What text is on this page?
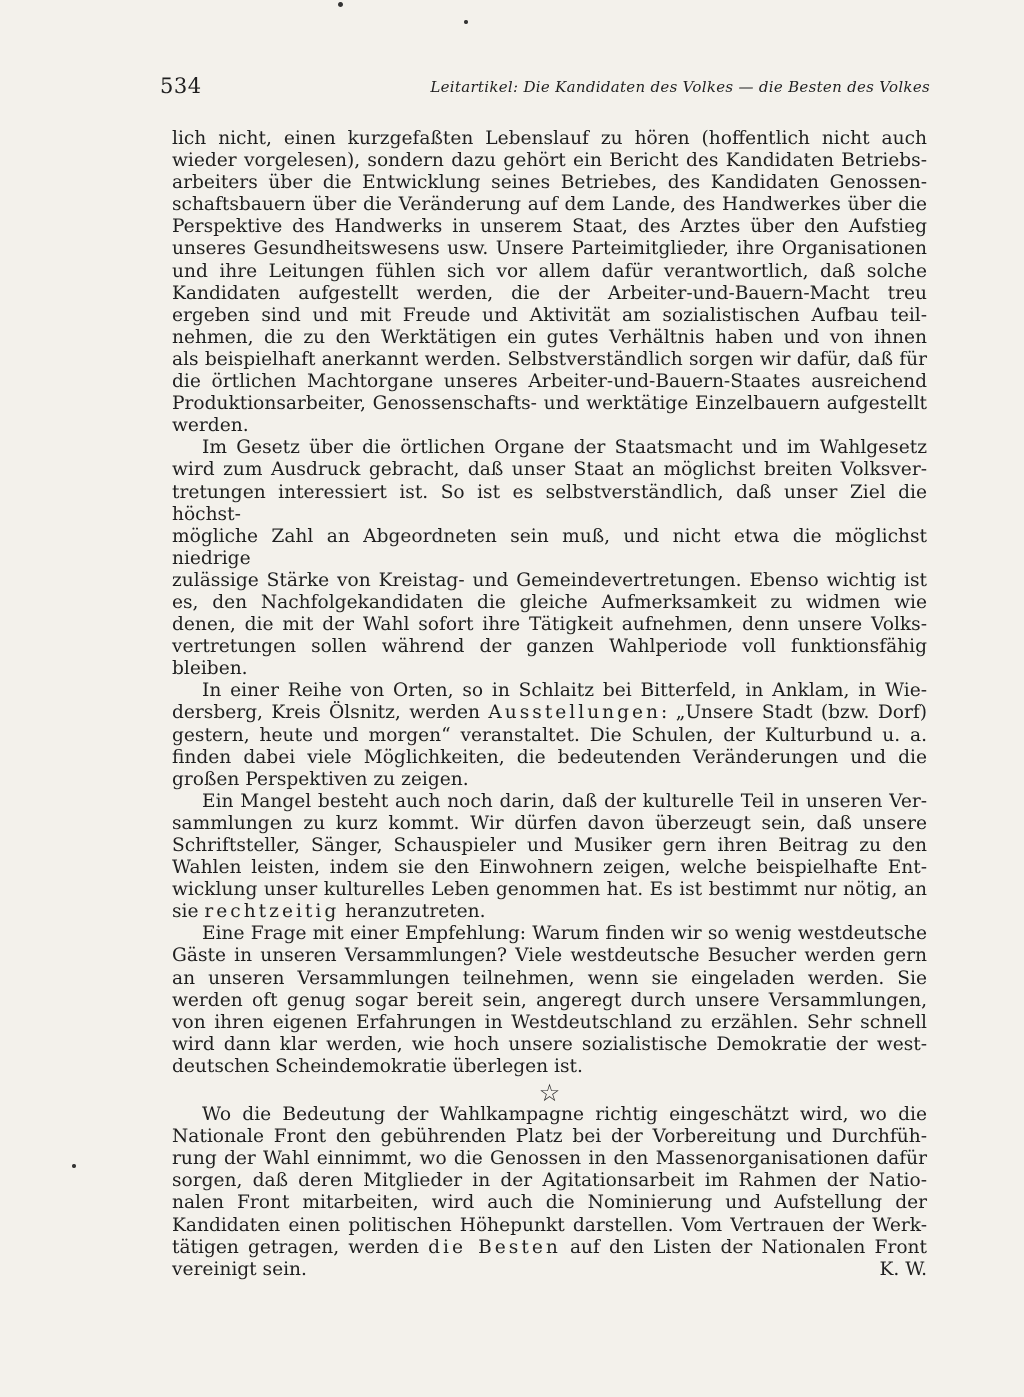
534	Leitartikel: Die Kandidaten des Volkes — die Besten des Volkes

lich nicht, einen kurzgefaßten Lebenslauf zu hören (hoffentlich nicht auch

wieder vorgelesen), sondern dazu gehört ein Bericht des Kandidaten Betriebs-

arbeiters über die Entwicklung seines Betriebes, des Kandidaten Genossen-

schaftsbauern über die Veränderung auf dem Lande, des Handwerkes über die

Perspektive des Handwerks in unserem Staat, des Arztes über den Aufstieg

unseres Gesundheitswesens usw. Unsere Parteimitglieder, ihre Organisationen

und ihre Leitungen fühlen sich vor allem dafür verantwortlich, daß solche

Kandidaten aufgestellt werden, die der Arbeiter-und-Bauern-Macht treu

ergeben sind und mit Freude und Aktivität am sozialistischen Aufbau teil-

nehmen, die zu den Werktätigen ein gutes Verhältnis haben und von ihnen

als beispielhaft anerkannt werden. Selbstverständlich sorgen wir dafür, daß für

die örtlichen Machtorgane unseres Arbeiter-und-Bauern-Staates ausreichend

Produktionsarbeiter, Genossenschafts- und werktätige Einzelbauern aufgestellt

werden.

Im Gesetz über die örtlichen Organe der Staatsmacht und im Wahlgesetz

wird zum Ausdruck gebracht, daß unser Staat an möglichst breiten Volksver-

tretungen interessiert ist. So ist es selbstverständlich, daß unser Ziel die höchst-

mögliche Zahl an Abgeordneten sein muß, und nicht etwa die möglichst niedrige

zulässige Stärke von Kreistag- und Gemeindevertretungen. Ebenso wichtig ist

es, den Nachfolgekandidaten die gleiche Aufmerksamkeit zu widmen wie

denen, die mit der Wahl sofort ihre Tätigkeit aufnehmen, denn unsere Volks-

vertretungen sollen während der ganzen Wahlperiode voll funktionsfähig

bleiben.

In einer Reihe von Orten, so in Schlaitz bei Bitterfeld, in Anklam, in Wie-

dersberg, Kreis Ölsnitz, werden Ausstellungen: „Unsere Stadt (bzw. Dorf)

gestern, heute und morgen“ veranstaltet. Die Schulen, der Kulturbund u. a.

finden dabei viele Möglichkeiten, die bedeutenden Veränderungen und die

großen Perspektiven zu zeigen.

Ein Mangel besteht auch noch darin, daß der kulturelle Teil in unseren Ver-

sammlungen zu kurz kommt. Wir dürfen davon überzeugt sein, daß unsere

Schriftsteller, Sänger, Schauspieler und Musiker gern ihren Beitrag zu den

Wahlen leisten, indem sie den Einwohnern zeigen, welche beispielhafte Ent-

wicklung unser kulturelles Leben genommen hat. Es ist bestimmt nur nötig, an

sie rechtzeitig heranzutreten.

Eine Frage mit einer Empfehlung: Warum finden wir so wenig westdeutsche

Gäste in unseren Versammlungen? Viele westdeutsche Besucher werden gern

an unseren Versammlungen teilnehmen, wenn sie eingeladen werden. Sie

werden oft genug sogar bereit sein, angeregt durch unsere Versammlungen,

von ihren eigenen Erfahrungen in Westdeutschland zu erzählen. Sehr schnell

wird dann klar werden, wie hoch unsere sozialistische Demokratie der west-

deutschen Scheindemokratie überlegen ist.

☆

Wo die Bedeutung der Wahlkampagne richtig eingeschätzt wird, wo die

Nationale Front den gebührenden Platz bei der Vorbereitung und Durchfüh-

rung der Wahl einnimmt, wo die Genossen in den Massenorganisationen dafür

sorgen, daß deren Mitglieder in der Agitationsarbeit im Rahmen der Natio-

nalen Front mitarbeiten, wird auch die Nominierung und Aufstellung der

Kandidaten einen politischen Höhepunkt darstellen. Vom Vertrauen der Werk-

tätigen getragen, werden die Besten auf den Listen der Nationalen Front

vereinigt sein.	K. W.
